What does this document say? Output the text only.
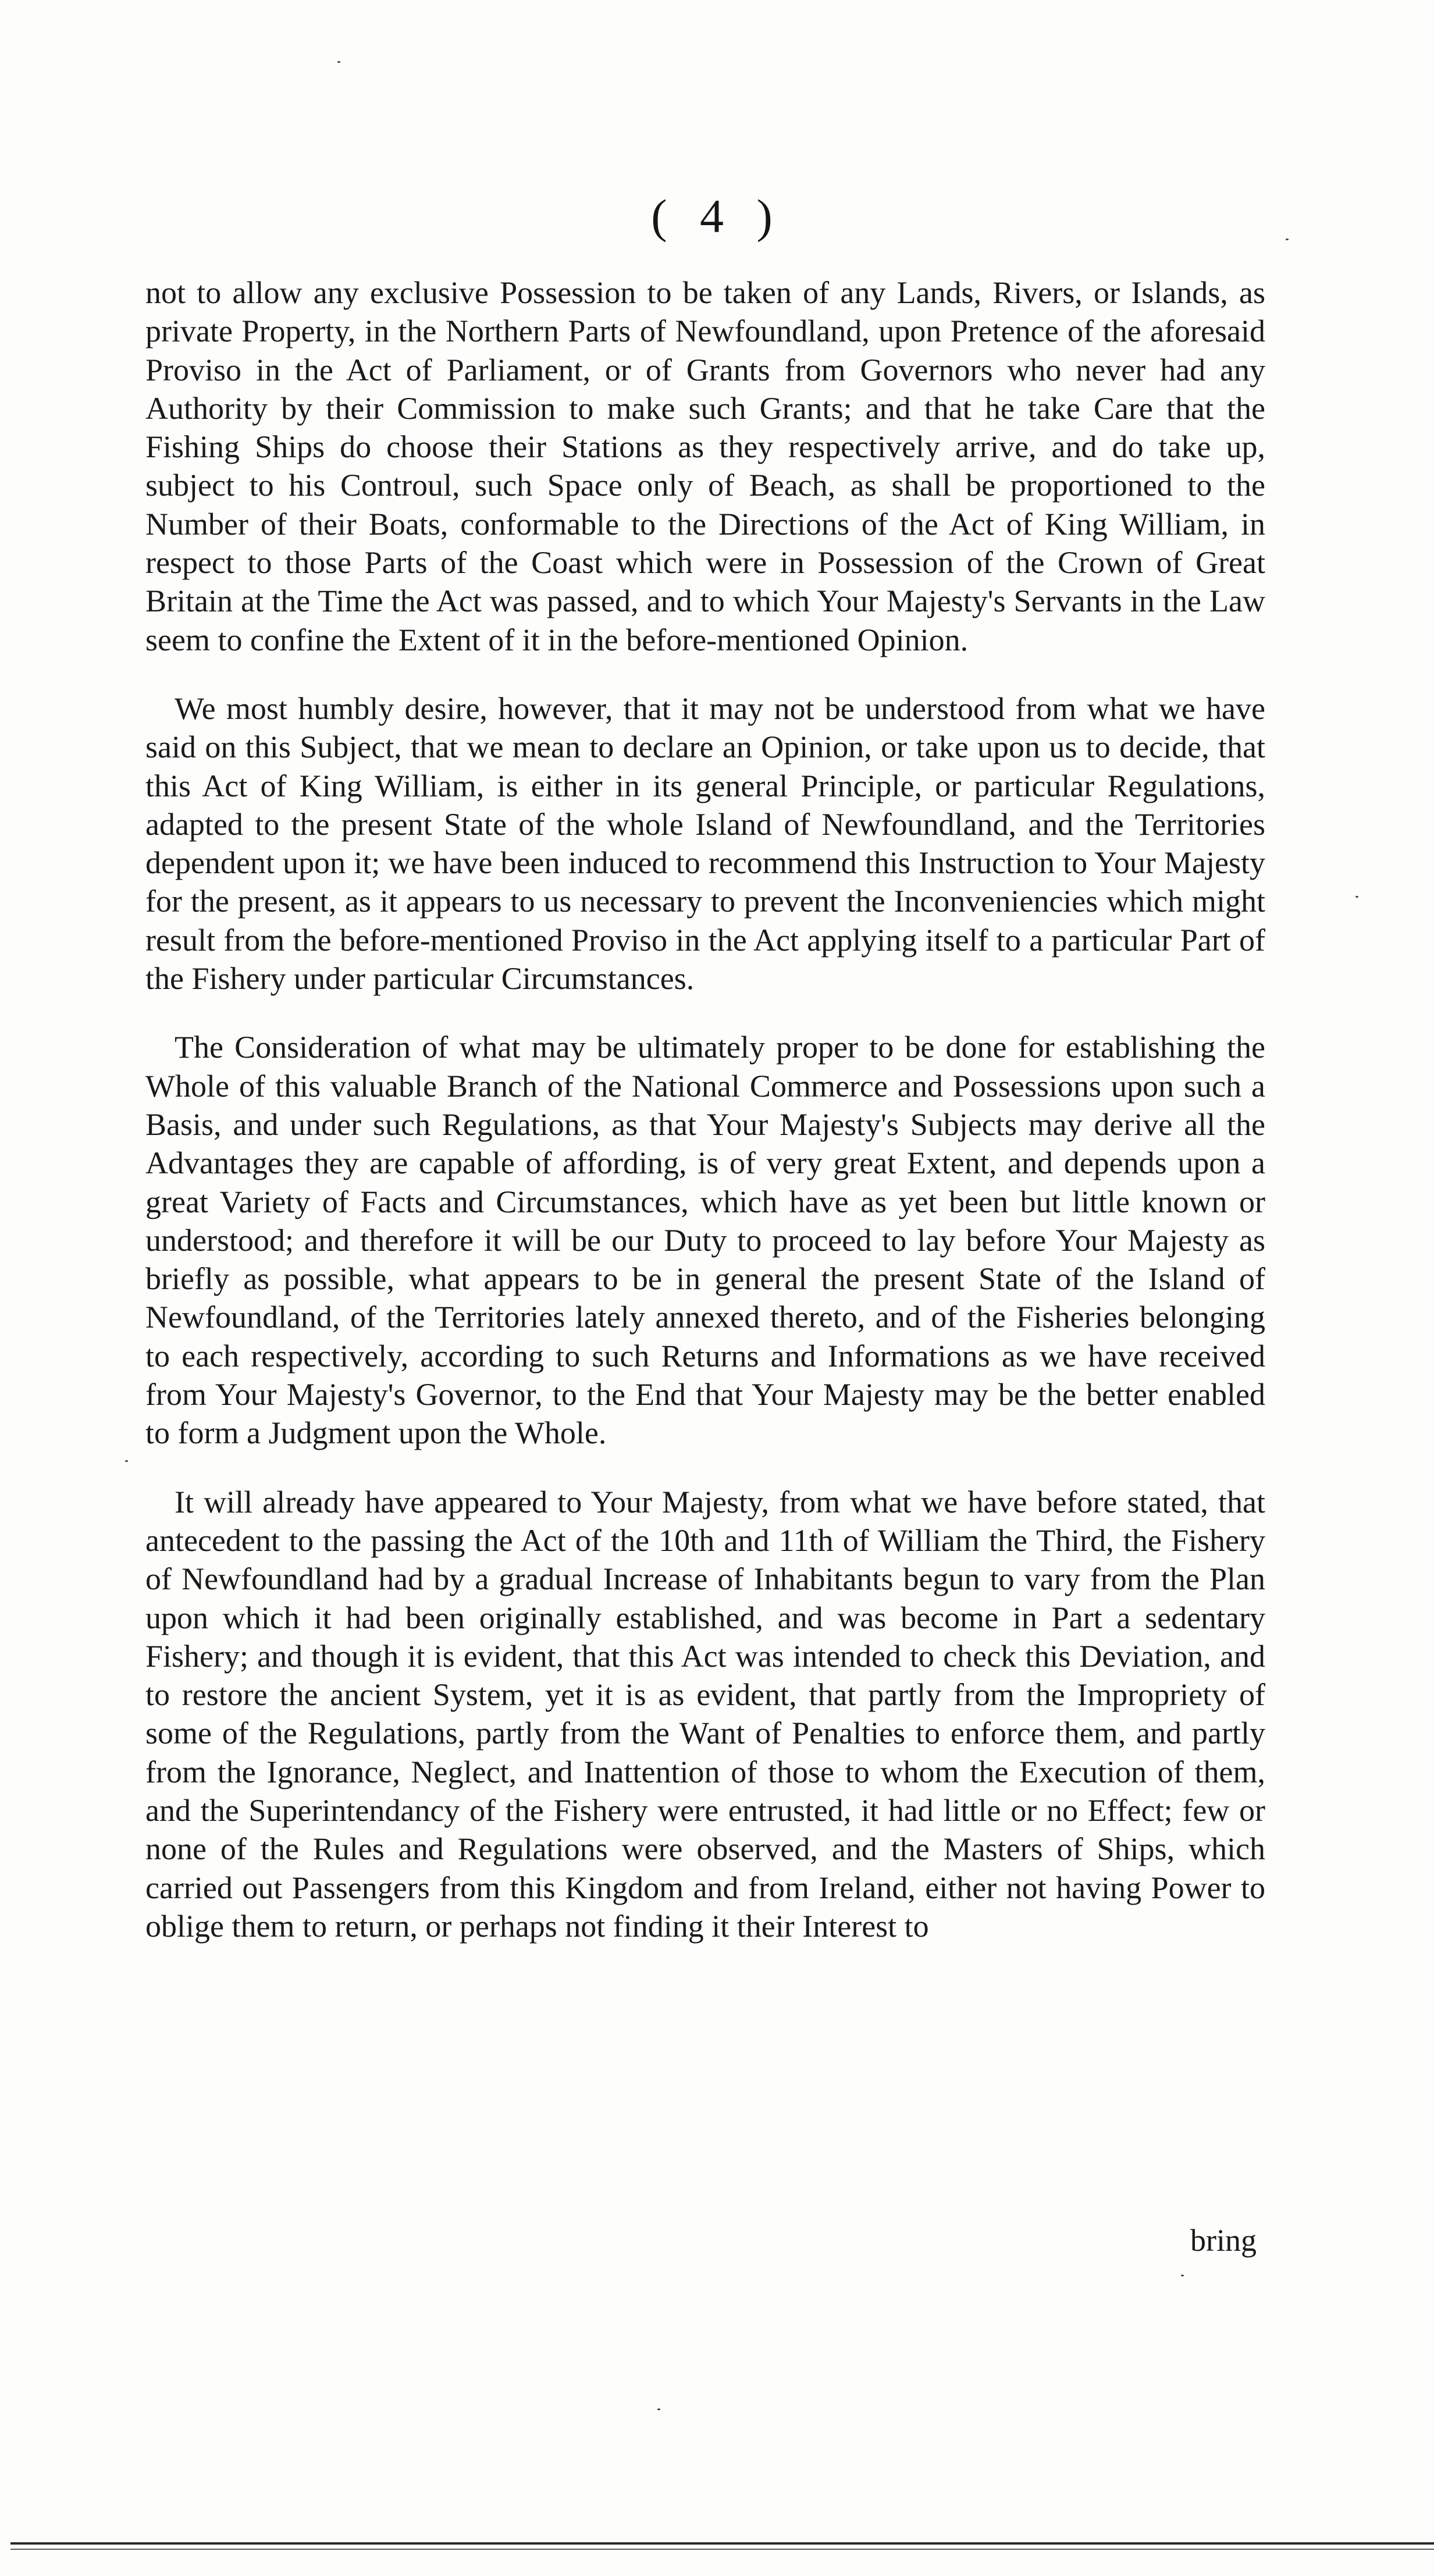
( 4 )

not to allow any exclusive Possession to be taken of any Lands, Rivers, or Islands, as private Property, in the Northern Parts of Newfoundland, upon Pretence of the aforesaid Proviso in the Act of Parliament, or of Grants from Governors who never had any Authority by their Commission to make such Grants; and that he take Care that the Fishing Ships do choose their Stations as they respectively arrive, and do take up, subject to his Controul, such Space only of Beach, as shall be proportioned to the Number of their Boats, conformable to the Directions of the Act of King William, in respect to those Parts of the Coast which were in Possession of the Crown of Great Britain at the Time the Act was passed, and to which Your Majesty's Servants in the Law seem to confine the Extent of it in the before-mentioned Opinion.

We most humbly desire, however, that it may not be understood from what we have said on this Subject, that we mean to declare an Opinion, or take upon us to decide, that this Act of King William, is either in its general Principle, or particular Regulations, adapted to the present State of the whole Island of Newfoundland, and the Territories dependent upon it; we have been induced to recommend this Instruction to Your Majesty for the present, as it appears to us necessary to prevent the Inconveniencies which might result from the before-mentioned Proviso in the Act applying itself to a particular Part of the Fishery under particular Circumstances.

The Consideration of what may be ultimately proper to be done for establishing the Whole of this valuable Branch of the National Commerce and Possessions upon such a Basis, and under such Regulations, as that Your Majesty's Subjects may derive all the Advantages they are capable of affording, is of very great Extent, and depends upon a great Variety of Facts and Circumstances, which have as yet been but little known or understood; and therefore it will be our Duty to proceed to lay before Your Majesty as briefly as possible, what appears to be in general the present State of the Island of Newfoundland, of the Territories lately annexed thereto, and of the Fisheries belonging to each respectively, according to such Returns and Informations as we have received from Your Majesty's Governor, to the End that Your Majesty may be the better enabled to form a Judgment upon the Whole.

It will already have appeared to Your Majesty, from what we have before stated, that antecedent to the passing the Act of the 10th and 11th of William the Third, the Fishery of Newfoundland had by a gradual Increase of Inhabitants begun to vary from the Plan upon which it had been originally established, and was become in Part a sedentary Fishery; and though it is evident, that this Act was intended to check this Deviation, and to restore the ancient System, yet it is as evident, that partly from the Impropriety of some of the Regulations, partly from the Want of Penalties to enforce them, and partly from the Ignorance, Neglect, and Inattention of those to whom the Execution of them, and the Superintendancy of the Fishery were entrusted, it had little or no Effect; few or none of the Rules and Regulations were observed, and the Masters of Ships, which carried out Passengers from this Kingdom and from Ireland, either not having Power to oblige them to return, or perhaps not finding it their Interest to

bring
